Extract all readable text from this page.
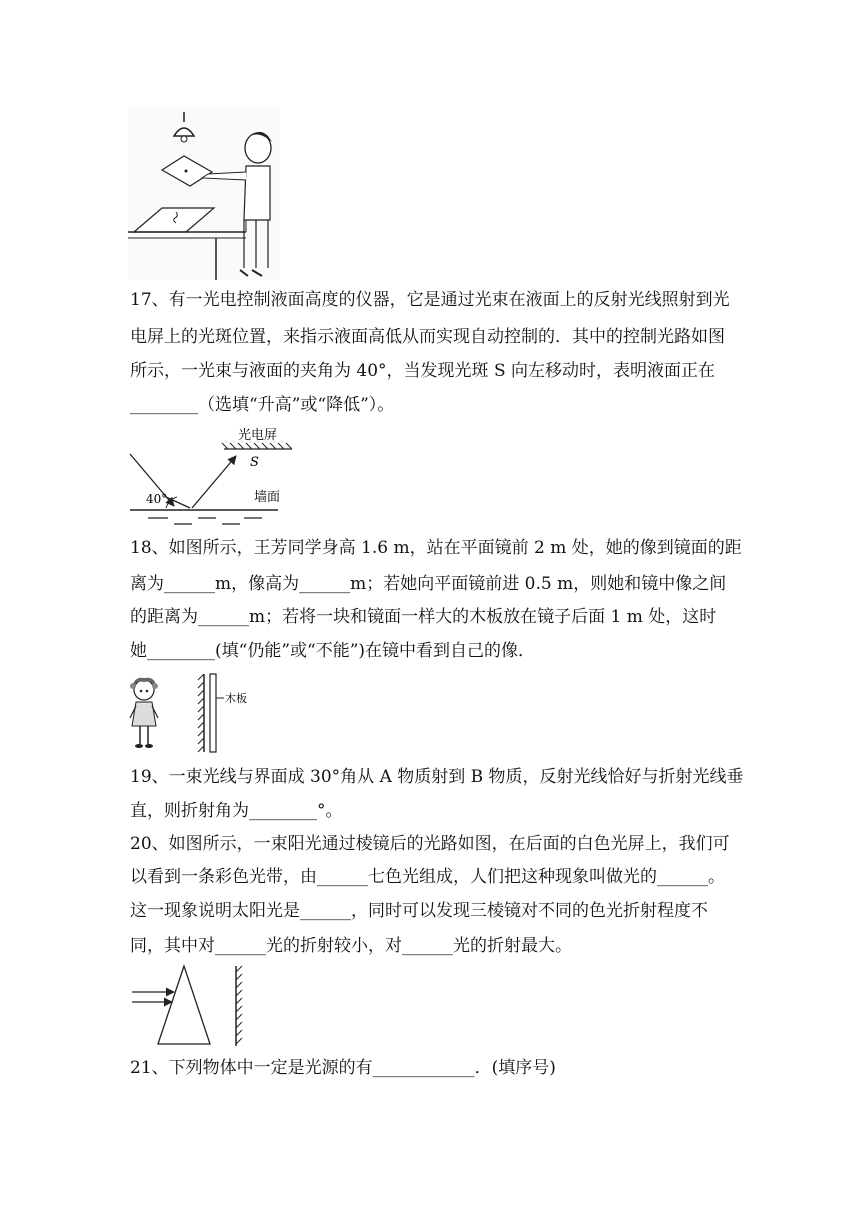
17、有一光电控制液面高度的仪器，它是通过光束在液面上的反射光线照射到光
电屏上的光斑位置，来指示液面高低从而实现自动控制的．其中的控制光路如图
所示，一光束与液面的夹角为 40°，当发现光斑 S 向左移动时，表明液面正在
________（选填“升高”或“降低”）。
光电屏
S
40°	墙面
18、如图所示，王芳同学身高 1.6 m，站在平面镜前 2 m 处，她的像到镜面的距
离为______m，像高为______m；若她向平面镜前进 0.5 m，则她和镜中像之间
的距离为______m；若将一块和镜面一样大的木板放在镜子后面 1 m 处，这时
她________(填“仍能”或“不能”)在镜中看到自己的像．
木板
19、一束光线与界面成 30°角从 A 物质射到 B 物质，反射光线恰好与折射光线垂
直，则折射角为________°。
20、如图所示，一束阳光通过棱镜后的光路如图，在后面的白色光屏上，我们可
以看到一条彩色光带，由______七色光组成，人们把这种现象叫做光的______。
这一现象说明太阳光是______，同时可以发现三棱镜对不同的色光折射程度不
同，其中对______光的折射较小，对______光的折射最大。
21、下列物体中一定是光源的有____________．(填序号)
